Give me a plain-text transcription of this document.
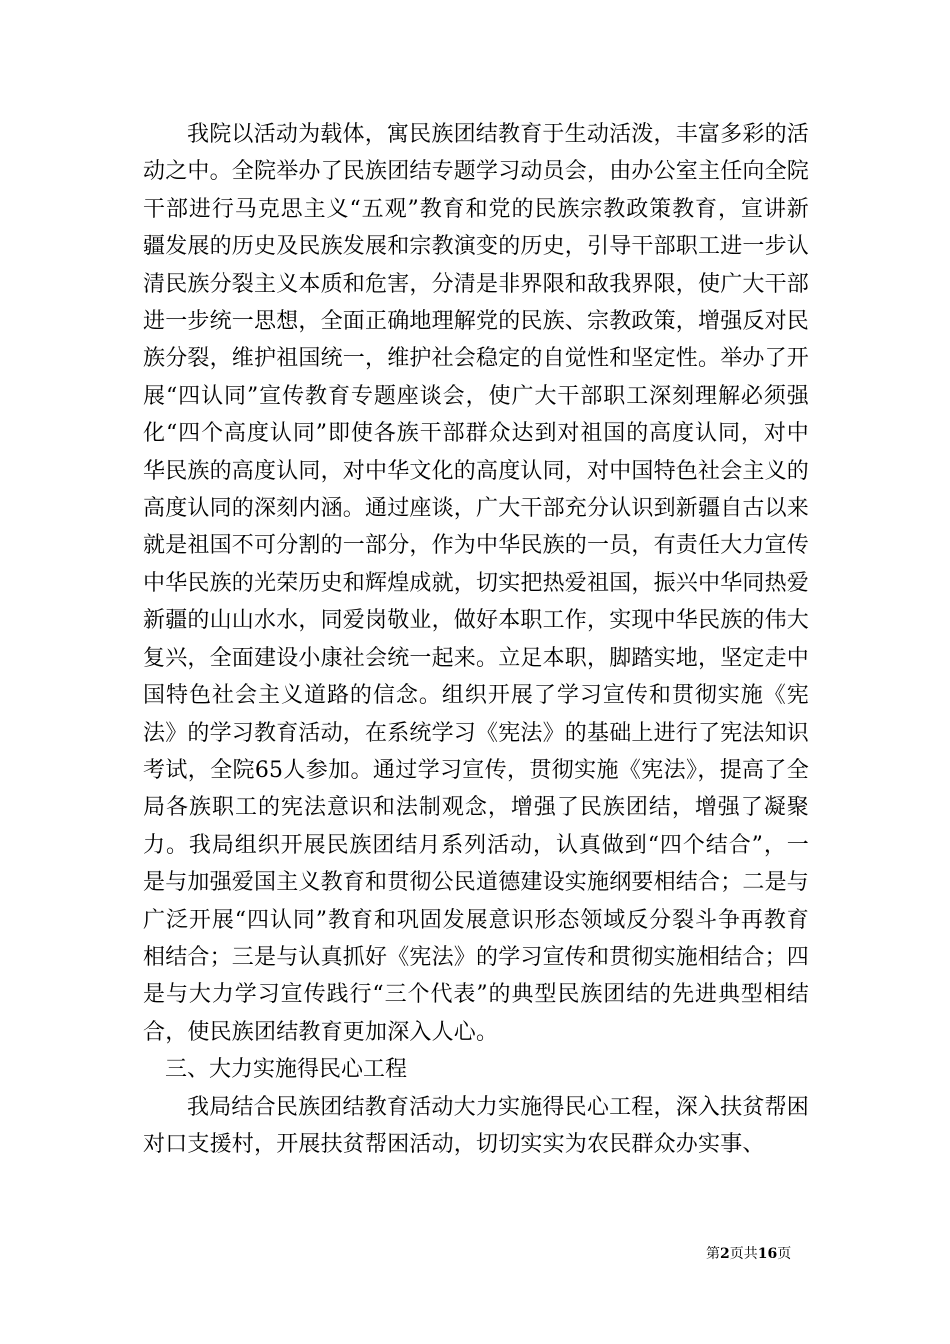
我院以活动为载体，寓民族团结教育于生动活泼，丰富多彩的活动之中。全院举办了民族团结专题学习动员会，由办公室主任向全院干部进行马克思主义“五观”教育和党的民族宗教政策教育，宣讲新疆发展的历史及民族发展和宗教演变的历史，引导干部职工进一步认清民族分裂主义本质和危害，分清是非界限和敌我界限，使广大干部进一步统一思想，全面正确地理解党的民族、宗教政策，增强反对民族分裂，维护祖国统一，维护社会稳定的自觉性和坚定性。举办了开展“四认同”宣传教育专题座谈会，使广大干部职工深刻理解必须强化“四个高度认同”即使各族干部群众达到对祖国的高度认同，对中华民族的高度认同，对中华文化的高度认同，对中国特色社会主义的高度认同的深刻内涵。通过座谈，广大干部充分认识到新疆自古以来就是祖国不可分割的一部分，作为中华民族的一员，有责任大力宣传中华民族的光荣历史和辉煌成就，切实把热爱祖国，振兴中华同热爱新疆的山山水水，同爱岗敬业，做好本职工作，实现中华民族的伟大复兴，全面建设小康社会统一起来。立足本职，脚踏实地，坚定走中国特色社会主义道路的信念。组织开展了学习宣传和贯彻实施《宪法》的学习教育活动，在系统学习《宪法》的基础上进行了宪法知识考试，全院65人参加。通过学习宣传，贯彻实施《宪法》，提高了全局各族职工的宪法意识和法制观念，增强了民族团结，增强了凝聚力。我局组织开展民族团结月系列活动，认真做到“四个结合”，一是与加强爱国主义教育和贯彻公民道德建设实施纲要相结合；二是与广泛开展“四认同”教育和巩固发展意识形态领域反分裂斗争再教育相结合；三是与认真抓好《宪法》的学习宣传和贯彻实施相结合；四是与大力学习宣传践行“三个代表”的典型民族团结的先进典型相结合，使民族团结教育更加深入人心。

三、大力实施得民心工程

我局结合民族团结教育活动大力实施得民心工程，深入扶贫帮困对口支援村，开展扶贫帮困活动，切切实实为农民群众办实事、

第2页共16页
